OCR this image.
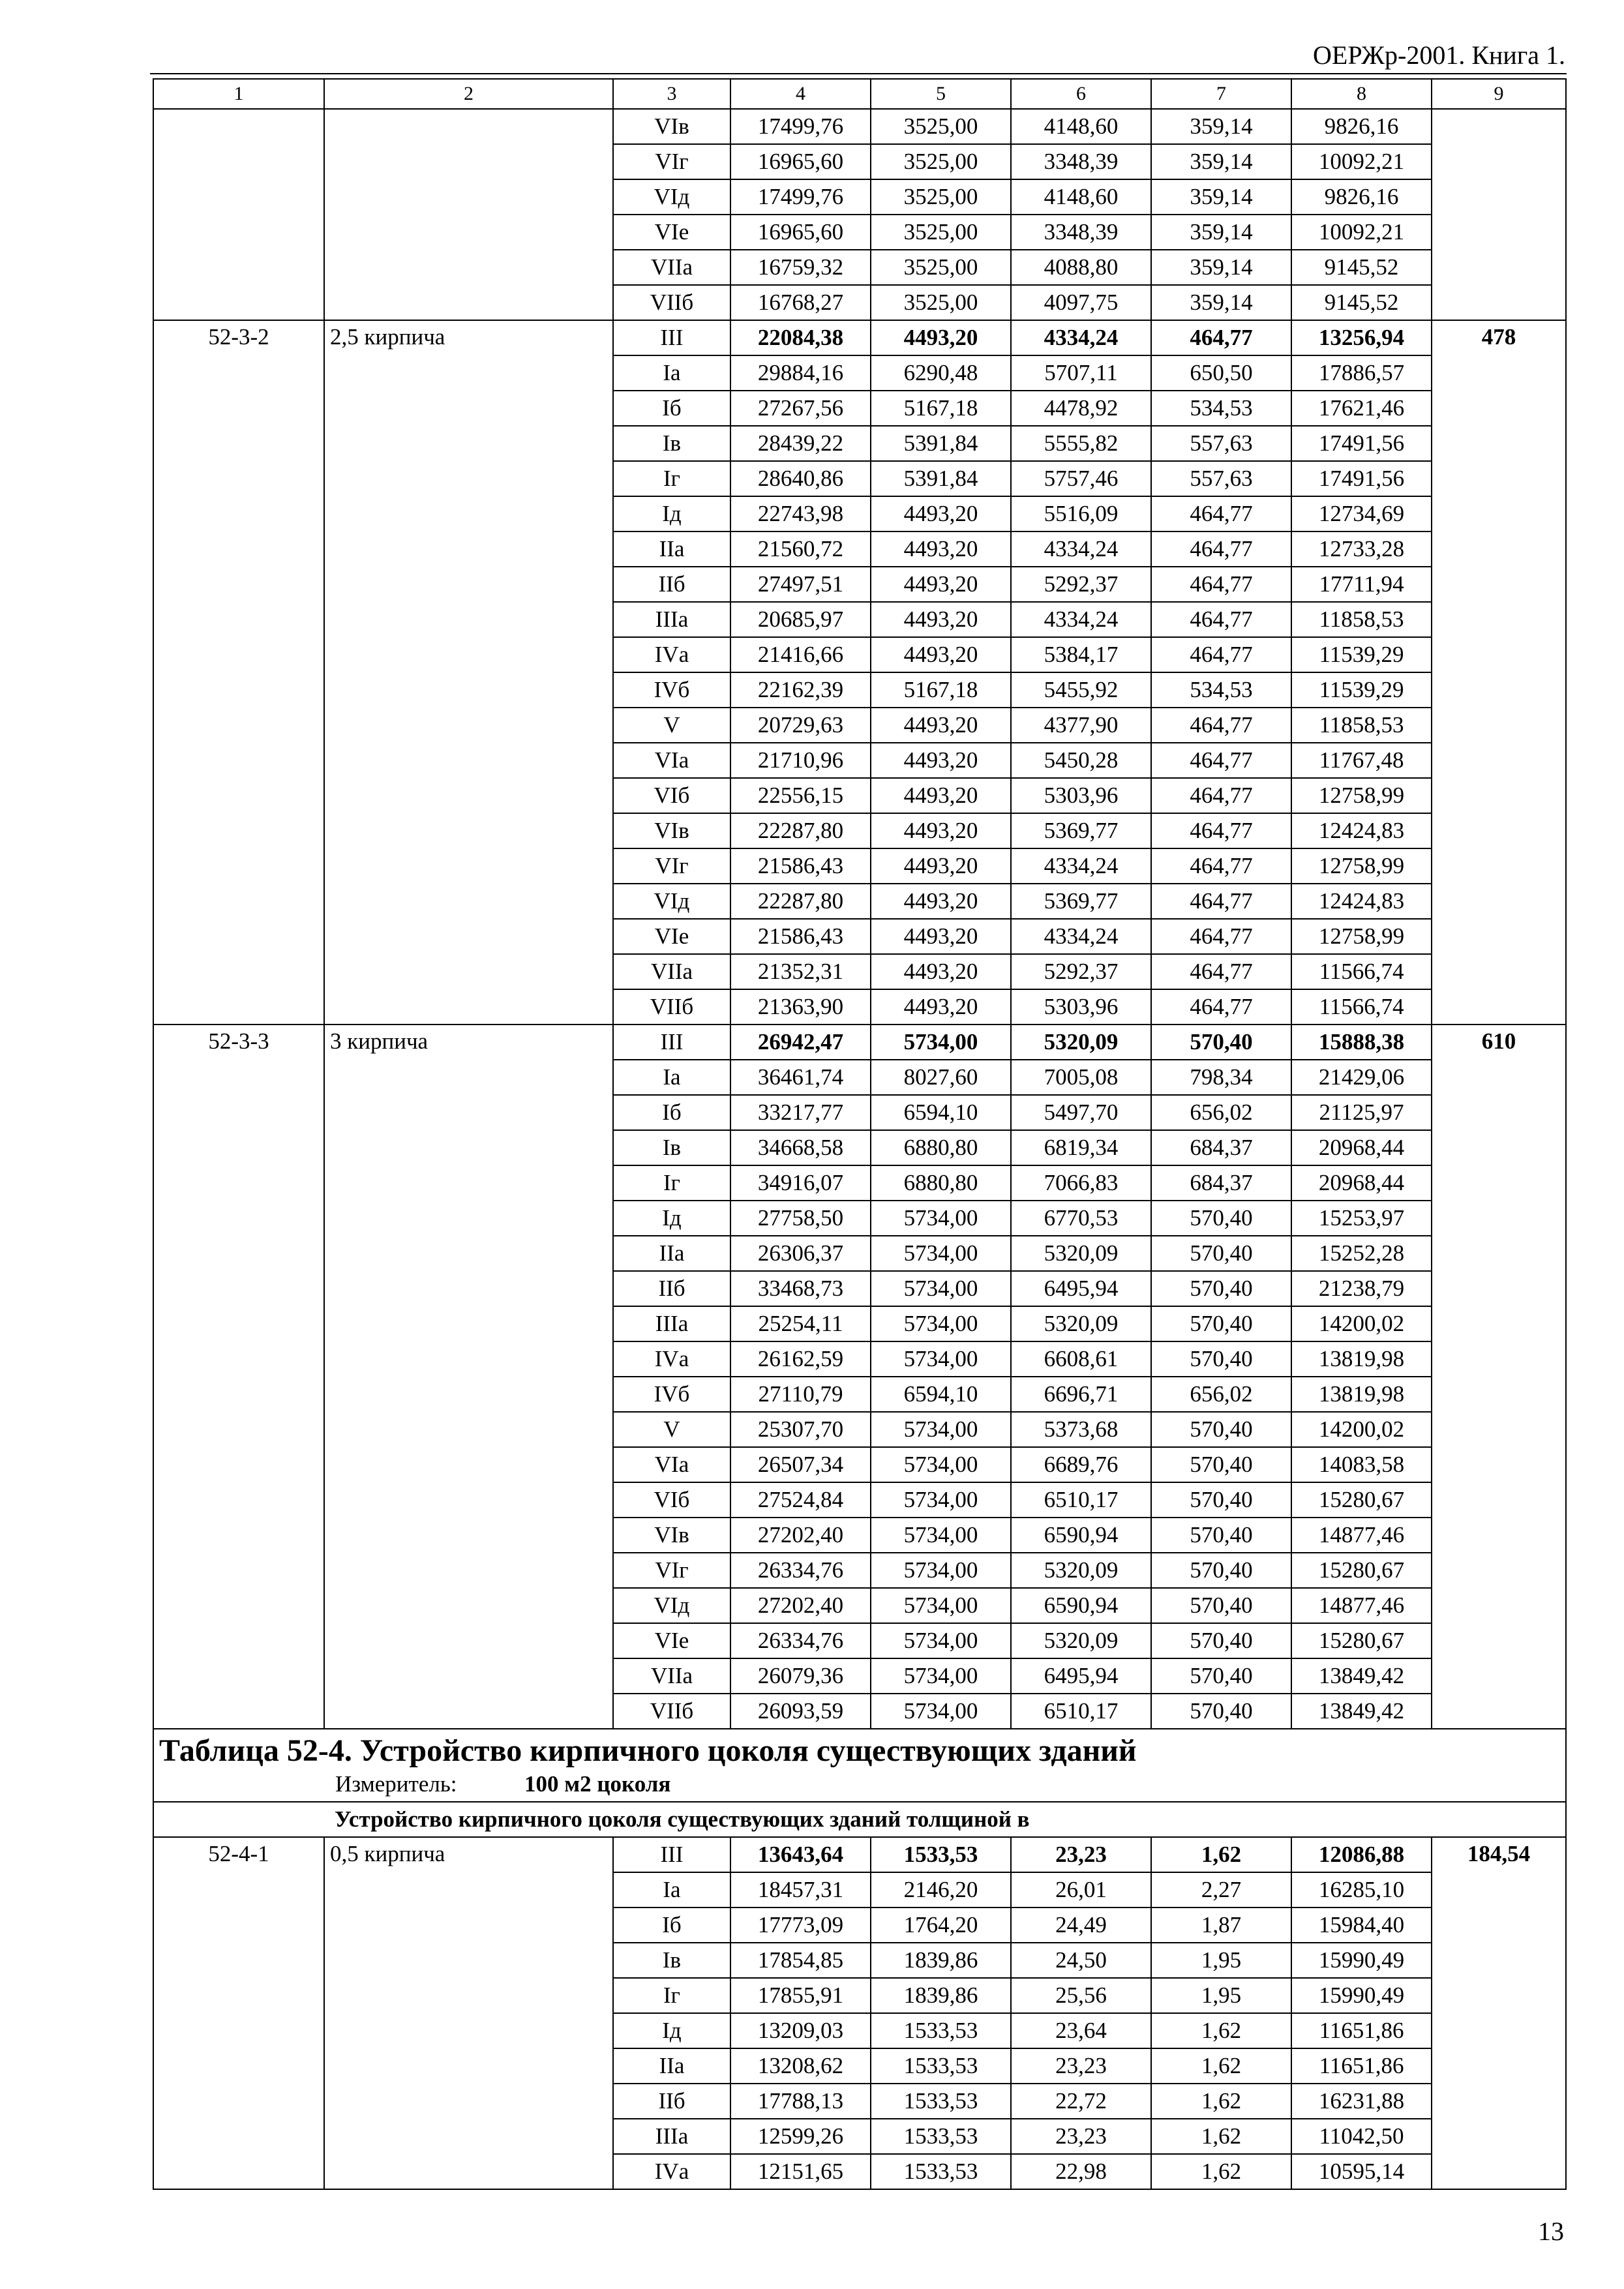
ОЕРЖр-2001. Книга 1.
1	2	3	4	5	6	7	8	9
		VIв	17499,76	3525,00	4148,60	359,14	9826,16	
		VIг	16965,60	3525,00	3348,39	359,14	10092,21	
		VIд	17499,76	3525,00	4148,60	359,14	9826,16	
		VIе	16965,60	3525,00	3348,39	359,14	10092,21	
		VIIа	16759,32	3525,00	4088,80	359,14	9145,52	
		VIIб	16768,27	3525,00	4097,75	359,14	9145,52	
52-3-2	2,5 кирпича	III	22084,38	4493,20	4334,24	464,77	13256,94	478
		Iа	29884,16	6290,48	5707,11	650,50	17886,57	
		Iб	27267,56	5167,18	4478,92	534,53	17621,46	
		Iв	28439,22	5391,84	5555,82	557,63	17491,56	
		Iг	28640,86	5391,84	5757,46	557,63	17491,56	
		Iд	22743,98	4493,20	5516,09	464,77	12734,69	
		IIа	21560,72	4493,20	4334,24	464,77	12733,28	
		IIб	27497,51	4493,20	5292,37	464,77	17711,94	
		IIIа	20685,97	4493,20	4334,24	464,77	11858,53	
		IVа	21416,66	4493,20	5384,17	464,77	11539,29	
		IVб	22162,39	5167,18	5455,92	534,53	11539,29	
		V	20729,63	4493,20	4377,90	464,77	11858,53	
		VIа	21710,96	4493,20	5450,28	464,77	11767,48	
		VIб	22556,15	4493,20	5303,96	464,77	12758,99	
		VIв	22287,80	4493,20	5369,77	464,77	12424,83	
		VIг	21586,43	4493,20	4334,24	464,77	12758,99	
		VIд	22287,80	4493,20	5369,77	464,77	12424,83	
		VIе	21586,43	4493,20	4334,24	464,77	12758,99	
		VIIа	21352,31	4493,20	5292,37	464,77	11566,74	
		VIIб	21363,90	4493,20	5303,96	464,77	11566,74	
52-3-3	3 кирпича	III	26942,47	5734,00	5320,09	570,40	15888,38	610
		Iа	36461,74	8027,60	7005,08	798,34	21429,06	
		Iб	33217,77	6594,10	5497,70	656,02	21125,97	
		Iв	34668,58	6880,80	6819,34	684,37	20968,44	
		Iг	34916,07	6880,80	7066,83	684,37	20968,44	
		Iд	27758,50	5734,00	6770,53	570,40	15253,97	
		IIа	26306,37	5734,00	5320,09	570,40	15252,28	
		IIб	33468,73	5734,00	6495,94	570,40	21238,79	
		IIIа	25254,11	5734,00	5320,09	570,40	14200,02	
		IVа	26162,59	5734,00	6608,61	570,40	13819,98	
		IVб	27110,79	6594,10	6696,71	656,02	13819,98	
		V	25307,70	5734,00	5373,68	570,40	14200,02	
		VIа	26507,34	5734,00	6689,76	570,40	14083,58	
		VIб	27524,84	5734,00	6510,17	570,40	15280,67	
		VIв	27202,40	5734,00	6590,94	570,40	14877,46	
		VIг	26334,76	5734,00	5320,09	570,40	15280,67	
		VIд	27202,40	5734,00	6590,94	570,40	14877,46	
		VIе	26334,76	5734,00	5320,09	570,40	15280,67	
		VIIа	26079,36	5734,00	6495,94	570,40	13849,42	
		VIIб	26093,59	5734,00	6510,17	570,40	13849,42	

Таблица 52-4. Устройство кирпичного цоколя существующих зданий
Измеритель: 100 м2 цоколя								

Устройство кирпичного цоколя существующих зданий толщиной в								
52-4-1	0,5 кирпича	III	13643,64	1533,53	23,23	1,62	12086,88	184,54
		Iа	18457,31	2146,20	26,01	2,27	16285,10	
		Iб	17773,09	1764,20	24,49	1,87	15984,40	
		Iв	17854,85	1839,86	24,50	1,95	15990,49	
		Iг	17855,91	1839,86	25,56	1,95	15990,49	
		Iд	13209,03	1533,53	23,64	1,62	11651,86	
		IIа	13208,62	1533,53	23,23	1,62	11651,86	
		IIб	17788,13	1533,53	22,72	1,62	16231,88	
		IIIа	12599,26	1533,53	23,23	1,62	11042,50	
		IVа	12151,65	1533,53	22,98	1,62	10595,14	
13
